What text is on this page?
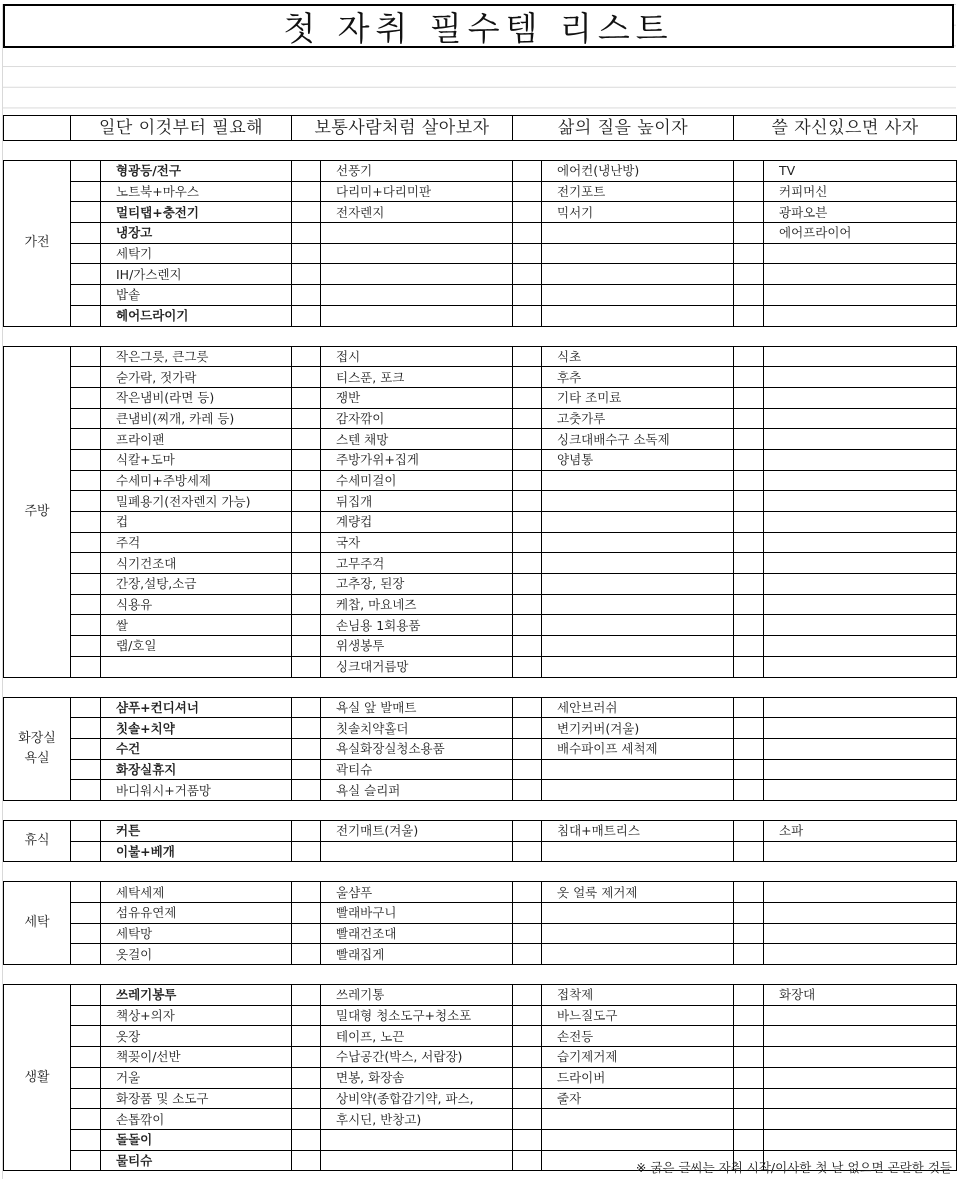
첫 자취 필수템 리스트
	일단 이것부터 필요해		보통사람처럼 살아보자		삶의 질을 높이자		쓸 자신있으면 사자	

가전		형광등/전구		선풍기		에어컨(냉난방)		TV
		노트북+마우스		다리미+다리미판		전기포트		커피머신
		멀티탭+충전기		전자렌지		믹서기		광파오븐
		냉장고						에어프라이어
		세탁기						
		IH/가스렌지						
		밥솥						
		헤어드라이기						

주방		작은그릇, 큰그릇		접시		식초		
		숟가락, 젓가락		티스푼, 포크		후추		
		작은냄비(라면 등)		쟁반		기타 조미료		
		큰냄비(찌개, 카레 등)		감자깎이		고춧가루		
		프라이팬		스텐 채망		싱크대배수구 소독제		
		식칼+도마		주방가위+집게		양념통		
		수세미+주방세제		수세미걸이				
		밀폐용기(전자렌지 가능)		뒤집개				
		컵		계량컵				
		주걱		국자				
		식기건조대		고무주걱				
		간장,설탕,소금		고추장, 된장				
		식용유		케찹, 마요네즈				
		쌀		손님용 1회용품				
		랩/호일		위생봉투				
				싱크대거름망				

화장실
욕실		샴푸+컨디셔너		욕실 앞 발매트		세안브러쉬		
		칫솔+치약		칫솔치약홀더		변기커버(겨울)		
		수건		욕실화장실청소용품		배수파이프 세척제		
		화장실휴지		곽티슈				
		바디워시+거품망		욕실 슬리퍼				

휴식		커튼		전기매트(겨울)		침대+매트리스		소파
		이불+베개						

세탁		세탁세제		울샴푸		옷 얼룩 제거제		
		섬유유연제		빨래바구니				
		세탁망		빨래건조대				
		옷걸이		빨래집게				

생활		쓰레기봉투		쓰레기통		접착제		화장대
		책상+의자		밀대형 청소도구+청소포		바느질도구		
		옷장		테이프, 노끈		손전등		
		책꽂이/선반		수납공간(박스, 서랍장)		습기제거제		
		거울		면봉, 화장솜		드라이버		
		화장품 및 소도구		상비약(종합감기약, 파스,		줄자		
		손톱깎이		후시딘, 반창고)				
		돌돌이						
		물티슈							※ 굵은 글씨는 자취 시작/이사한 첫 날 없으면 곤란한 것들
